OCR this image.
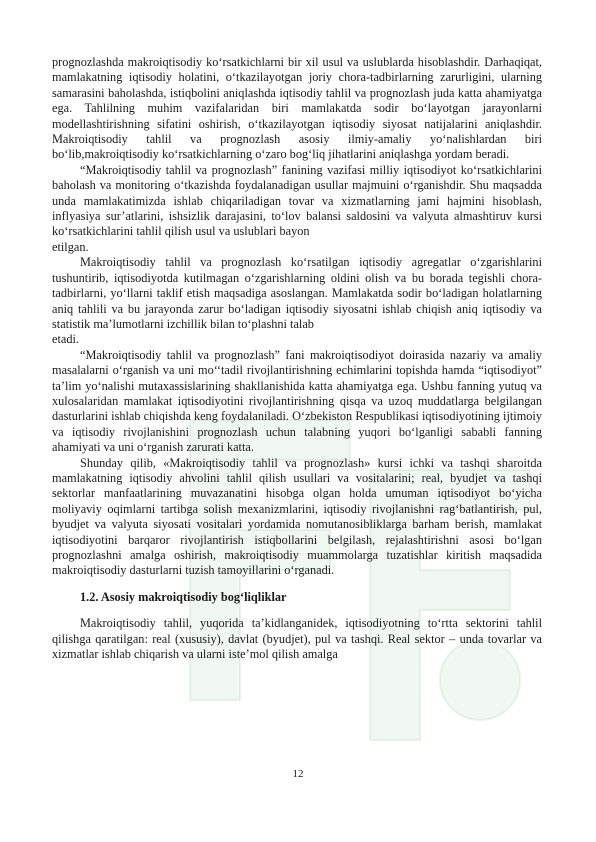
prognozlashda makroiqtisodiy ko‘rsatkichlarni bir xil usul va uslublarda hisoblashdir. Darhaqiqat, mamlakatning iqtisodiy holatini, o‘tkazilayotgan joriy chora-tadbirlarning zarurligini, ularning samarasini baholashda, istiqbolini aniqlashda iqtisodiy tahlil va prognozlash juda katta ahamiyatga ega. Tahlilning muhim vazifalaridan biri mamlakatda sodir bo‘layotgan jarayonlarni modellashtirishning sifatini oshirish, o‘tkazilayotgan iqtisodiy siyosat natijalarini aniqlashdir. Makroiqtisodiy tahlil va prognozlash asosiy ilmiy-amaliy yo‘nalishlardan biri bo‘lib,makroiqtisodiy ko‘rsatkichlarning o‘zaro bog‘liq jihatlarini aniqlashga yordam beradi.

“Makroiqtisodiy tahlil va prognozlash” fanining vazifasi milliy iqtisodiyot ko‘rsatkichlarini baholash va monitoring o‘tkazishda foydalanadigan usullar majmuini o‘rganishdir. Shu maqsadda unda mamlakatimizda ishlab chiqariladigan tovar va xizmatlarning jami hajmini hisoblash, inflyasiya sur’atlarini, ishsizlik darajasini, to‘lov balansi saldosini va valyuta almashtiruv kursi ko‘rsatkichlarini tahlil qilish usul va uslublari bayon

etilgan.

Makroiqtisodiy tahlil va prognozlash ko‘rsatilgan iqtisodiy agregatlar o‘zgarishlarini tushuntirib, iqtisodiyotda kutilmagan o‘zgarishlarning oldini olish va bu borada tegishli chora-tadbirlarni, yo‘llarni taklif etish maqsadiga asoslangan. Mamlakatda sodir bo‘ladigan holatlarning aniq tahlili va bu jarayonda zarur bo‘ladigan iqtisodiy siyosatni ishlab chiqish aniq iqtisodiy va statistik ma’lumotlarni izchillik bilan to‘plashni talab

etadi.

“Makroiqtisodiy tahlil va prognozlash” fani makroiqtisodiyot doirasida nazariy va amaliy masalalarni o‘rganish va uni mo‘‘tadil rivojlantirishning echimlarini topishda hamda “iqtisodiyot” ta’lim yo‘nalishi mutaxassislarining shakllanishida katta ahamiyatga ega. Ushbu fanning yutuq va xulosalaridan mamlakat iqtisodiyotini rivojlantirishning qisqa va uzoq muddatlarga belgilangan dasturlarini ishlab chiqishda keng foydalaniladi. O‘zbekiston Respublikasi iqtisodiyotining ijtimoiy va iqtisodiy rivojlanishini prognozlash uchun talabning yuqori bo‘lganligi sababli fanning ahamiyati va uni o‘rganish zarurati katta.

Shunday qilib, «Makroiqtisodiy tahlil va prognozlash» kursi ichki va tashqi sharoitda mamlakatning iqtisodiy ahvolini tahlil qilish usullari va vositalarini; real, byudjet va tashqi sektorlar manfaatlarining muvazanatini hisobga olgan holda umuman iqtisodiyot bo‘yicha moliyaviy oqimlarni tartibga solish mexanizmlarini, iqtisodiy rivojlanishni rag‘batlantirish, pul, byudjet va valyuta siyosati vositalari yordamida nomutanosibliklarga barham berish, mamlakat iqtisodiyotini barqaror rivojlantirish istiqbollarini belgilash, rejalashtirishni asosi bo‘lgan prognozlashni amalga oshirish, makroiqtisodiy muammolarga tuzatishlar kiritish maqsadida makroiqtisodiy dasturlarni tuzish tamoyillarini o‘rganadi.

1.2. Asosiy makroiqtisodiy bog‘liqliklar

Makroiqtisodiy tahlil, yuqorida ta’kidlanganidek, iqtisodiyotning to‘rtta sektorini tahlil qilishga qaratilgan: real (xususiy), davlat (byudjet), pul va tashqi. Real sektor – unda tovarlar va xizmatlar ishlab chiqarish va ularni iste’mol qilish amalga

12
